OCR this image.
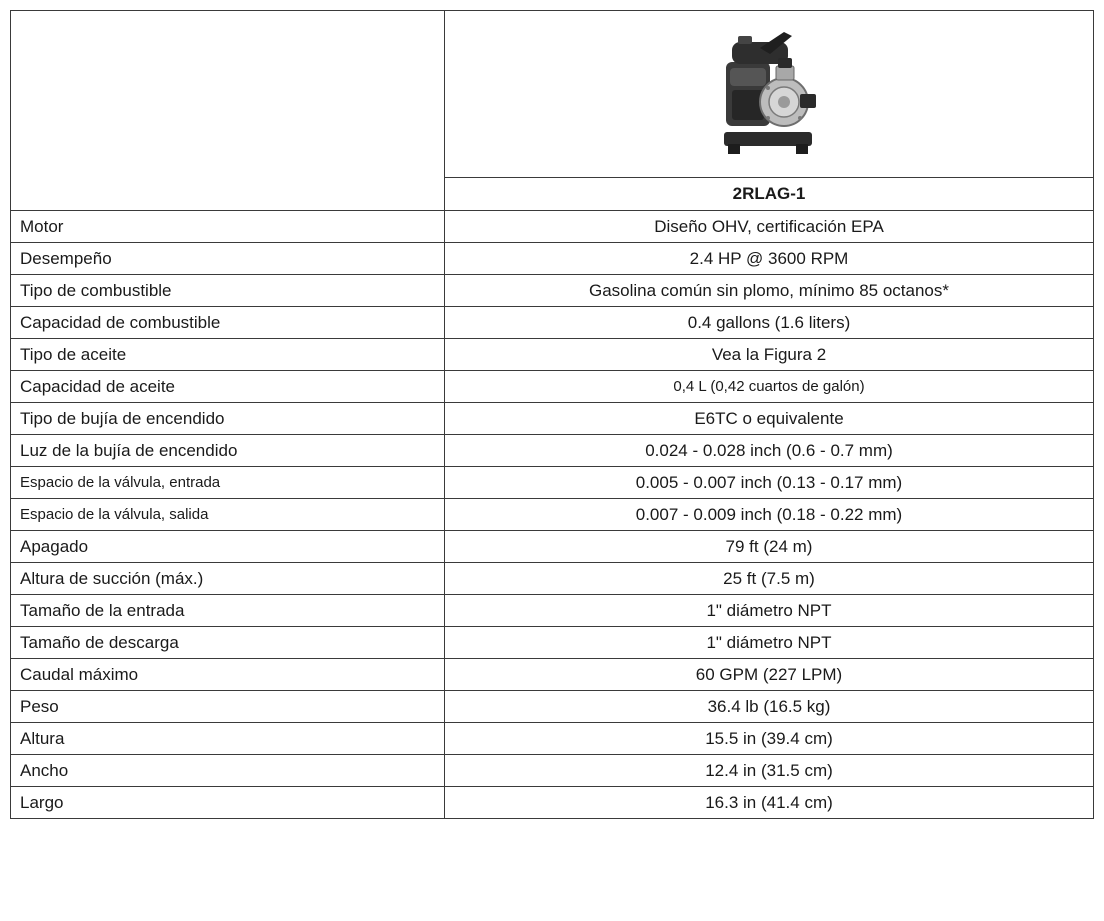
	2RLAG-1
Motor	Diseño OHV, certificación EPA
Desempeño	2.4 HP @ 3600 RPM
Tipo de combustible	Gasolina común sin plomo, mínimo 85 octanos*
Capacidad de combustible	0.4 gallons (1.6 liters)
Tipo de aceite	Vea la Figura 2
Capacidad de aceite	0,4 L (0,42 cuartos de galón)
Tipo de bujía de encendido	E6TC o equivalente
Luz de la bujía de encendido	0.024 - 0.028 inch (0.6 - 0.7 mm)
Espacio de la válvula, entrada	0.005 - 0.007 inch (0.13 - 0.17 mm)
Espacio de la válvula, salida	0.007 - 0.009 inch (0.18 - 0.22 mm)
Apagado	79 ft (24 m)
Altura de succión (máx.)	25 ft (7.5 m)
Tamaño de la entrada	1" diámetro NPT
Tamaño de descarga	1" diámetro NPT
Caudal máximo	60 GPM (227 LPM)
Peso	36.4 lb (16.5 kg)
Altura	15.5 in (39.4 cm)
Ancho	12.4 in (31.5 cm)
Largo	16.3 in (41.4 cm)
